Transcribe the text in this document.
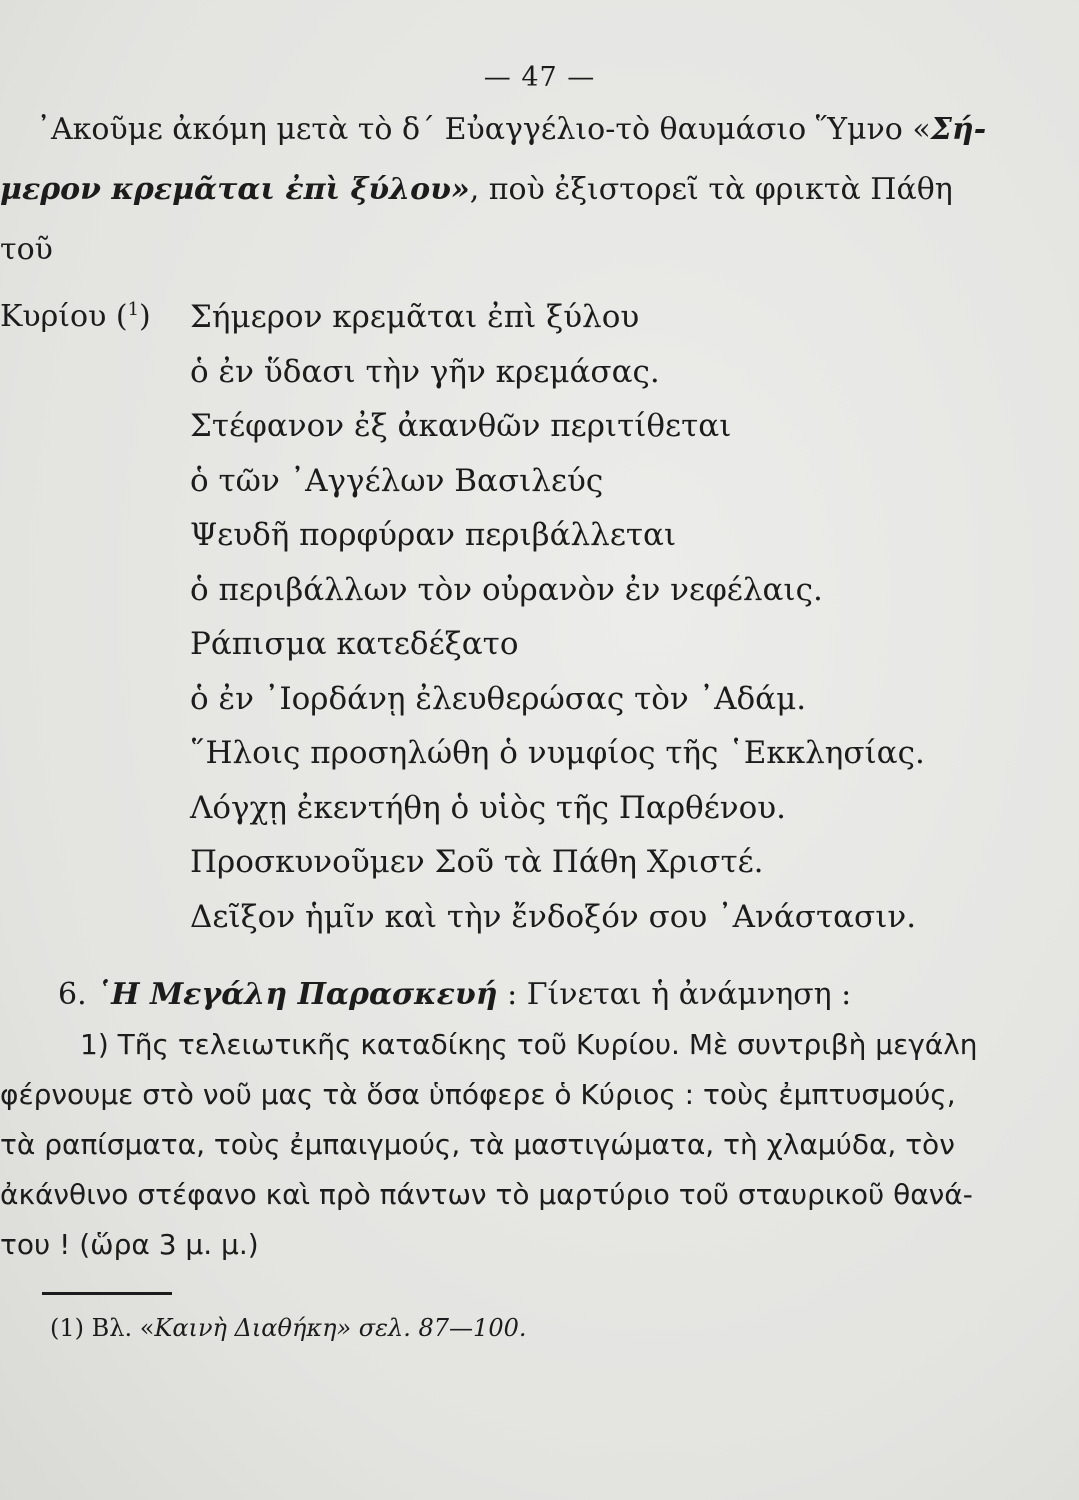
— 47 —
᾿Ακοῦμε ἀκόμη μετὰ τὸ δ΄ Εὐαγγέλιο-τὸ θαυμάσιο Ὕμνο «Σή-
μερον κρεμᾶται ἐπὶ ξύλου», ποὺ ἐξιστορεῖ τὰ φρικτὰ Πάθη τοῦ
Κυρίου ($^1$)	Σήμερον κρεμᾶται ἐπὶ ξύλου
ὁ ἐν ὕδασι τὴν γῆν κρεμάσας.
Στέφανον ἐξ ἀκανθῶν περιτίθεται
ὁ τῶν ᾿Αγγέλων Βασιλεύς
Ψευδῆ πορφύραν περιβάλλεται
ὁ περιβάλλων τὸν οὐρανὸν ἐν νεφέλαις.
Ράπισμα κατεδέξατο
ὁ ἐν ᾿Ιορδάνῃ ἐλευθερώσας τὸν ᾿Αδάμ.
῞Ηλοις προσηλώθη ὁ νυμφίος τῆς ῾Εκκλησίας.
Λόγχῃ ἐκεντήθη ὁ υἱὸς τῆς Παρθένου.
Προσκυνοῦμεν Σοῦ τὰ Πάθη Χριστέ.
Δεῖξον ἡμῖν καὶ τὴν ἔνδοξόν σου ᾿Ανάστασιν.
6. ῾Η Μεγάλη Παρασκευή : Γίνεται ἡ ἀνάμνηση :
1) Τῆς τελειωτικῆς καταδίκης τοῦ Κυρίου. Μὲ συντριβὴ μεγάλη
φέρνουμε στὸ νοῦ μας τὰ ὅσα ὑπόφερε ὁ Κύριος : τοὺς ἐμπτυσμούς,
τὰ ραπίσματα, τοὺς ἐμπαιγμούς, τὰ μαστιγώματα, τὴ χλαμύδα, τὸν
ἀκάνθινο στέφανο καὶ πρὸ πάντων τὸ μαρτύριο τοῦ σταυρικοῦ θανά-
του ! (ὥρα 3 μ. μ.)
(1) Βλ. «Καινὴ Διαθήκη» σελ. 87—100.
